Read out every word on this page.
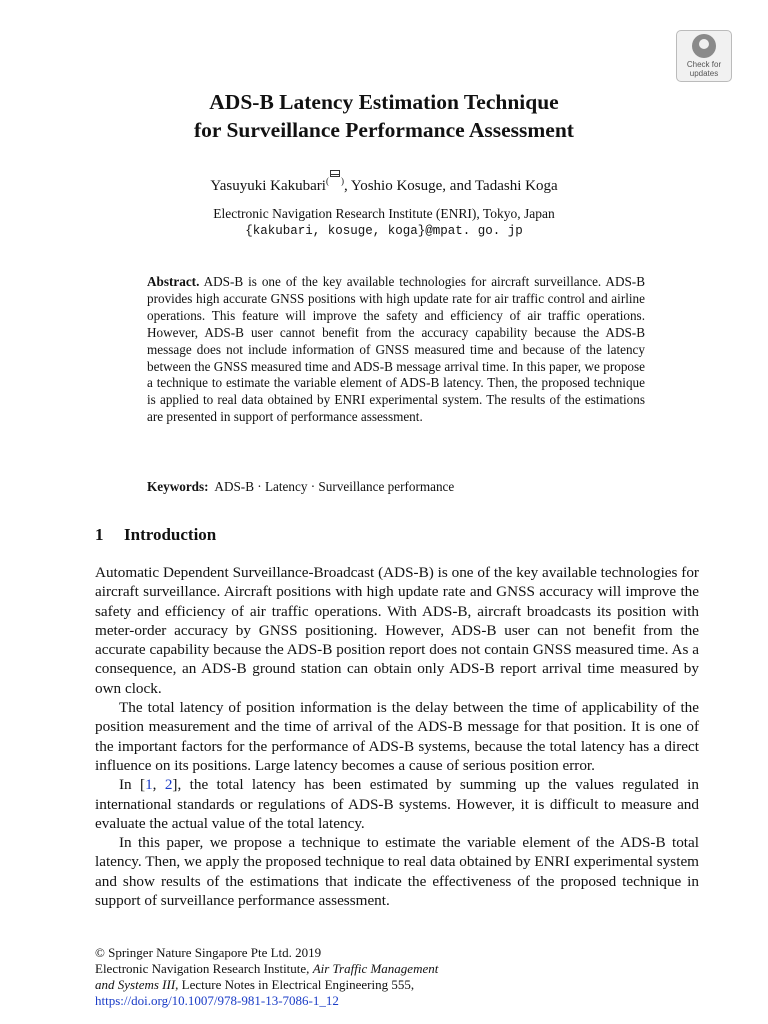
Check for
updates
ADS-B Latency Estimation Technique
for Surveillance Performance Assessment
Yasuyuki Kakubari( ), Yoshio Kosuge, and Tadashi Koga
Electronic Navigation Research Institute (ENRI), Tokyo, Japan
{kakubari, kosuge, koga}@mpat. go. jp
Abstract. ADS-B is one of the key available technologies for aircraft surveillance. ADS-B provides high accurate GNSS positions with high update rate for air traffic control and airline operations. This feature will improve the safety and efficiency of air traffic operations. However, ADS-B user cannot benefit from the accuracy capability because the ADS-B message does not include information of GNSS measured time and because of the latency between the GNSS measured time and ADS-B message arrival time. In this paper, we propose a technique to estimate the variable element of ADS-B latency. Then, the proposed technique is applied to real data obtained by ENRI experimental system. The results of the estimations are presented in support of performance assessment.
Keywords: ADS-B · Latency · Surveillance performance
1 Introduction

Automatic Dependent Surveillance-Broadcast (ADS-B) is one of the key available technologies for aircraft surveillance. Aircraft positions with high update rate and GNSS accuracy will improve the safety and efficiency of air traffic operations. With ADS-B, aircraft broadcasts its position with meter-order accuracy by GNSS positioning. However, ADS-B user can not benefit from the accurate capability because the ADS-B position report does not contain GNSS measured time. As a consequence, an ADS-B ground station can obtain only ADS-B report arrival time measured by own clock.

The total latency of position information is the delay between the time of applicability of the position measurement and the time of arrival of the ADS-B message for that position. It is one of the important factors for the performance of ADS-B systems, because the total latency has a direct influence on its positions. Large latency becomes a cause of serious position error.

In [1, 2], the total latency has been estimated by summing up the values regulated in international standards or regulations of ADS-B systems. However, it is difficult to measure and evaluate the actual value of the total latency.

In this paper, we propose a technique to estimate the variable element of the ADS-B total latency. Then, we apply the proposed technique to real data obtained by ENRI experimental system and show results of the estimations that indicate the effectiveness of the proposed technique in support of surveillance performance assessment.

© Springer Nature Singapore Pte Ltd. 2019
Electronic Navigation Research Institute, Air Traffic Management
and Systems III, Lecture Notes in Electrical Engineering 555,
https://doi.org/10.1007/978-981-13-7086-1_12
